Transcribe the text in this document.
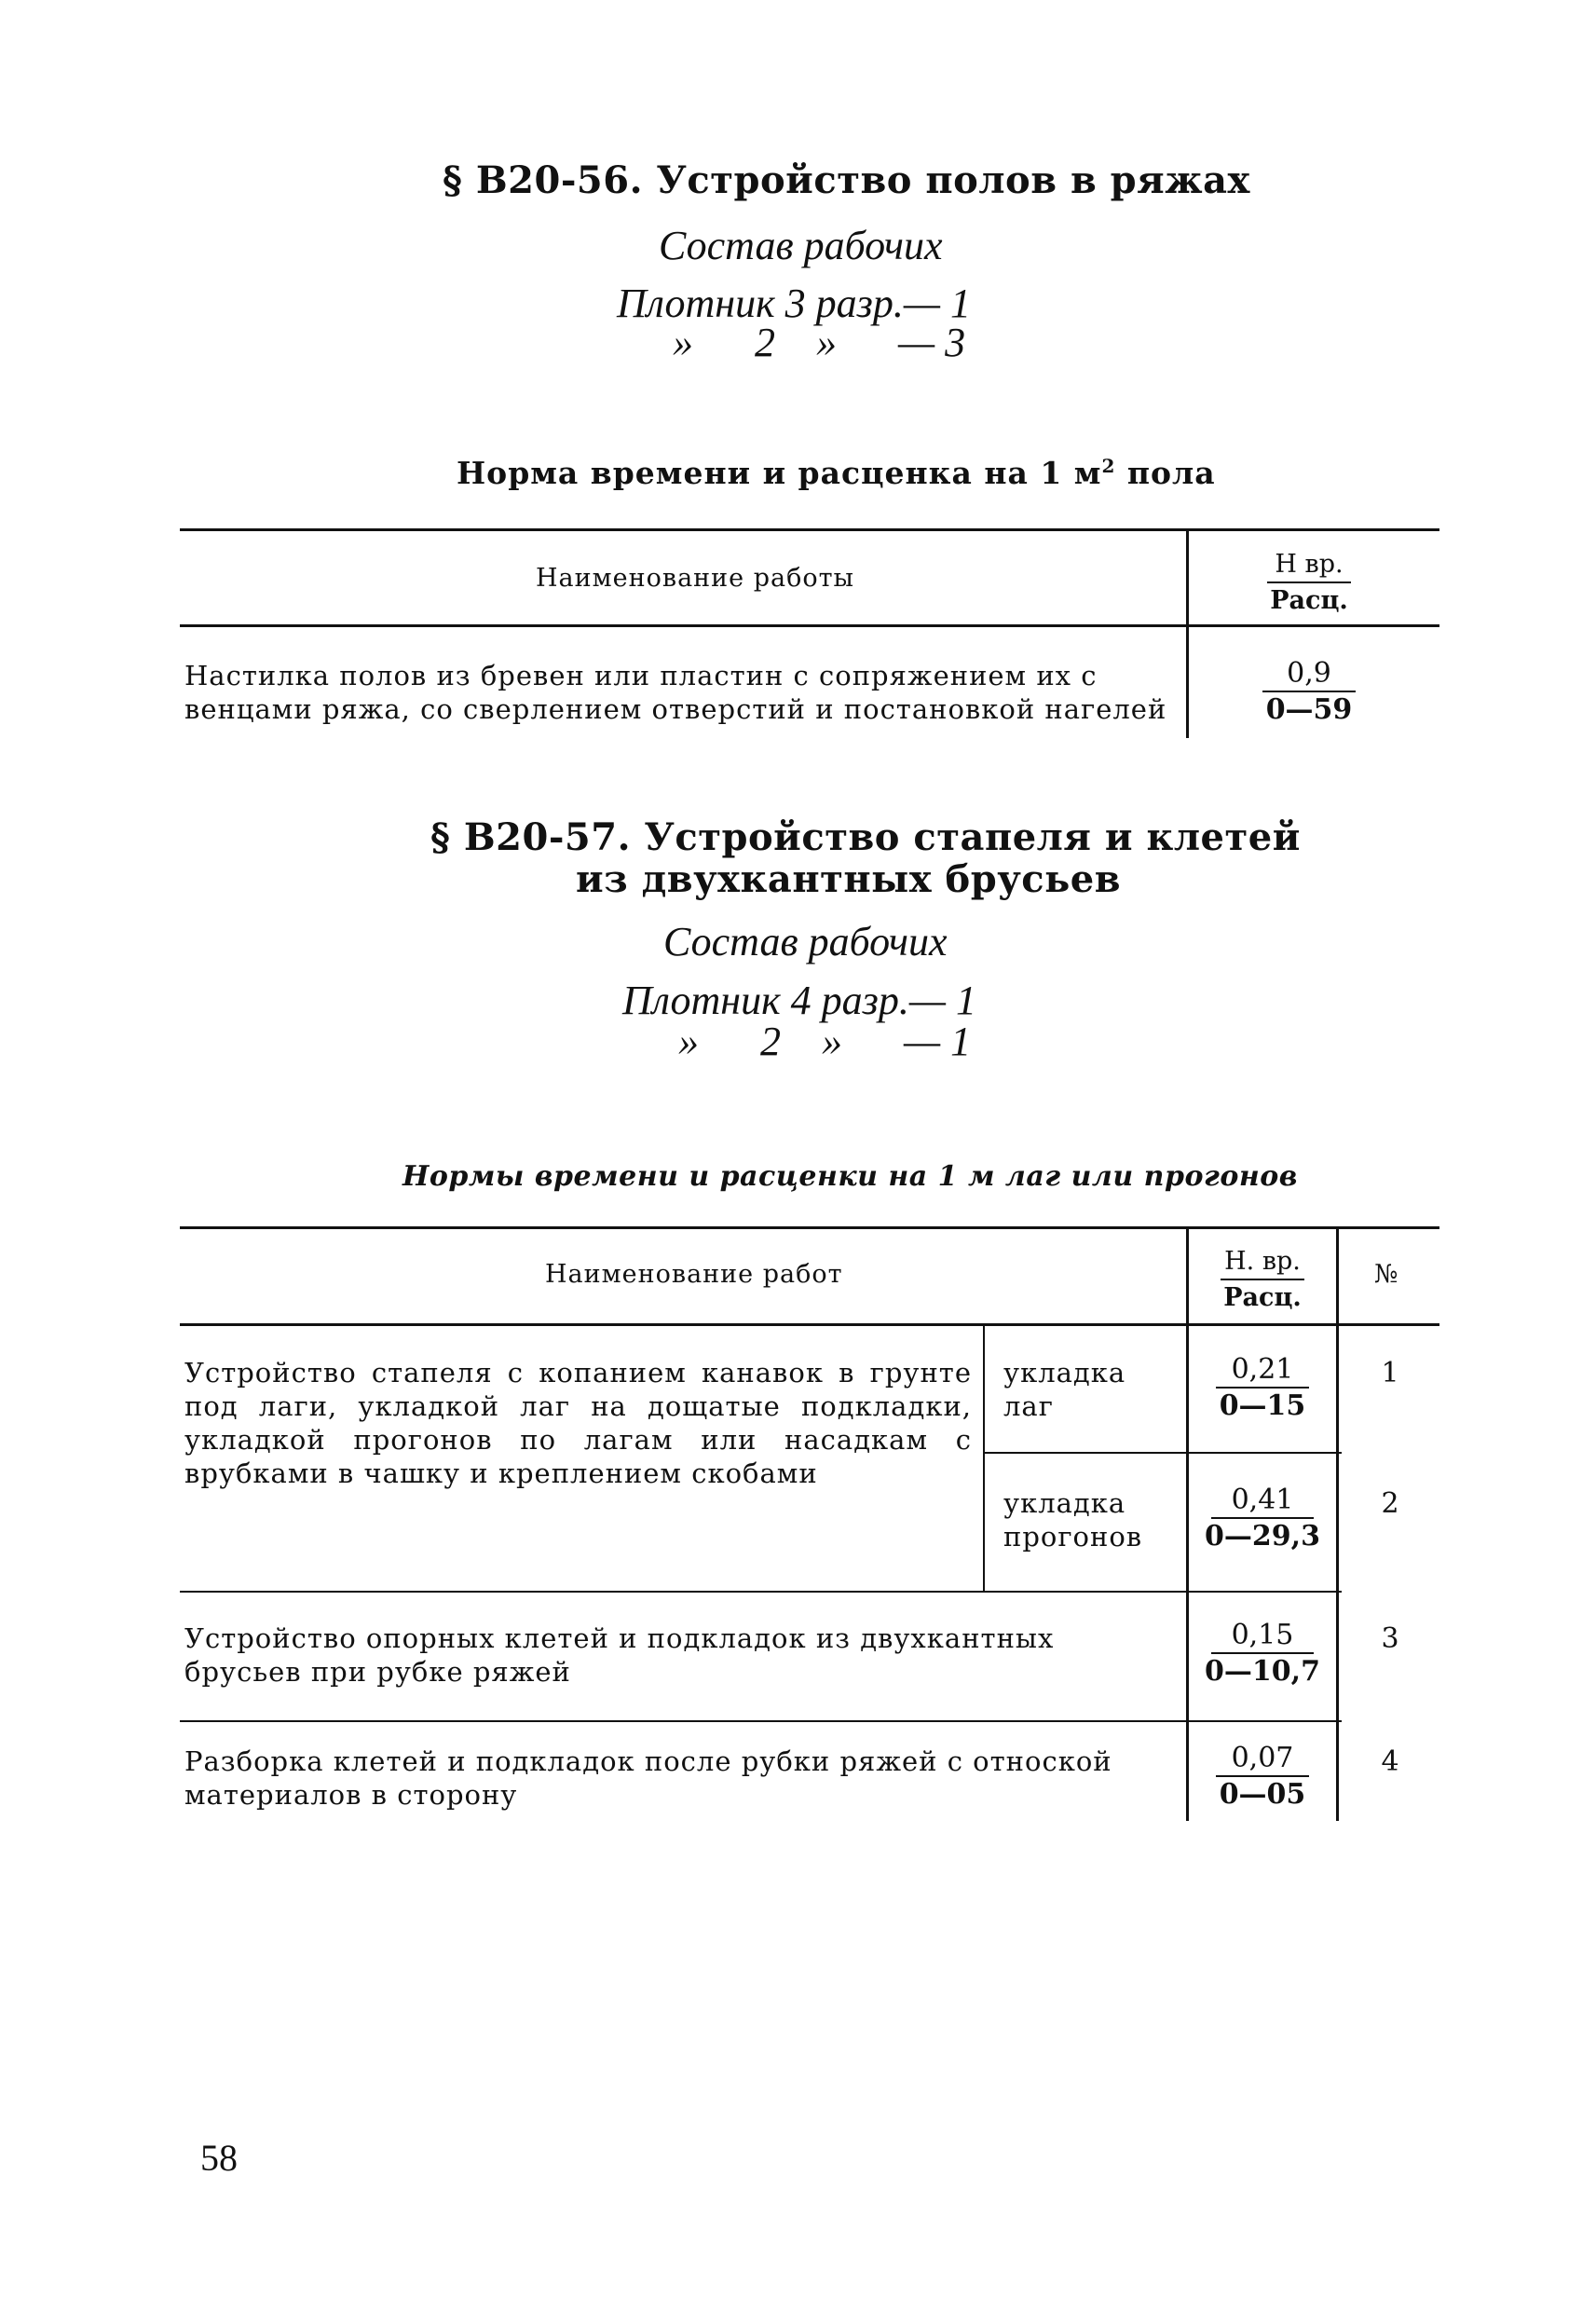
§ В20-56. Устройство полов в ряжах
Состав рабочих
Плотник 3 разр.— 1
»      2    »      — 3
Норма времени и расценка на 1 $м^2$ пола
Наименование работы	Н вр.
Расц.
Настилка полов из бревен или пластин с сопряжением их с венцами ряжа, со сверлением отверстий и постановкой нагелей
0,9
0—59
§ В20-57. Устройство стапеля и клетей
из двухкантных брусьев
Состав рабочих
Плотник 4 разр.— 1
»      2    »      — 1
Нормы времени и расценки на 1 м лаг или прогонов
Наименование работ	Н. вр.
Расц.
№
Устройство стапеля с копанием канавок в грунте под лаги, укладкой лаг на дощатые подкладки, укладкой прогонов по лагам или насадкам с врубками в чашку и креплением скобами
укладка лаг
0,21
0—15
1
укладка прогонов
0,41
0—29,3
2
Устройство опорных клетей и подкладок из двухкантных брусьев при рубке ряжей
0,15
0—10,7
3
Разборка клетей и подкладок после рубки ряжей с отноской материалов в сторону
0,07
0—05
4
58
